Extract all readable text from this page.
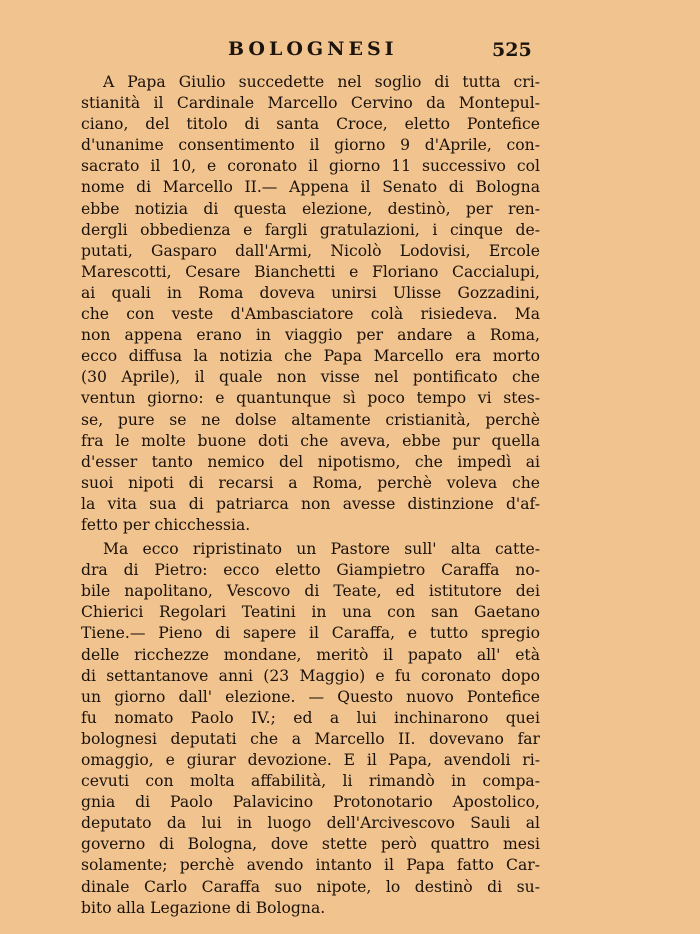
BOLOGNESI	525
A Papa Giulio succedette nel soglio di tutta cri-
stianità il Cardinale Marcello Cervino da Montepul-
ciano, del titolo di santa Croce, eletto Pontefice
d'unanime consentimento il giorno 9 d'Aprile, con-
sacrato il 10, e coronato il giorno 11 successivo col
nome di Marcello II.— Appena il Senato di Bologna
ebbe notizia di questa elezione, destinò, per ren-
dergli obbedienza e fargli gratulazioni, i cinque de-
putati, Gasparo dall'Armi, Nicolò Lodovisi, Ercole
Marescotti, Cesare Bianchetti e Floriano Caccialupi,
ai quali in Roma doveva unirsi Ulisse Gozzadini,
che con veste d'Ambasciatore colà risiedeva. Ma
non appena erano in viaggio per andare a Roma,
ecco diffusa la notizia che Papa Marcello era morto
(30 Aprile), il quale non visse nel pontificato che
ventun giorno: e quantunque sì poco tempo vi stes-
se, pure se ne dolse altamente cristianità, perchè
fra le molte buone doti che aveva, ebbe pur quella
d'esser tanto nemico del nipotismo, che impedì ai
suoi nipoti di recarsi a Roma, perchè voleva che
la vita sua di patriarca non avesse distinzione d'af-
fetto per chicchessia.
Ma ecco ripristinato un Pastore sull' alta catte-
dra di Pietro: ecco eletto Giampietro Caraffa no-
bile napolitano, Vescovo di Teate, ed istitutore dei
Chierici Regolari Teatini in una con san Gaetano
Tiene.— Pieno di sapere il Caraffa, e tutto spregio
delle ricchezze mondane, meritò il papato all' età
di settantanove anni (23 Maggio) e fu coronato dopo
un giorno dall' elezione. — Questo nuovo Pontefice
fu nomato Paolo IV.; ed a lui inchinarono quei
bolognesi deputati che a Marcello II. dovevano far
omaggio, e giurar devozione. E il Papa, avendoli ri-
cevuti con molta affabilità, li rimandò in compa-
gnia di Paolo Palavicino Protonotario Apostolico,
deputato da lui in luogo dell'Arcivescovo Sauli al
governo di Bologna, dove stette però quattro mesi
solamente; perchè avendo intanto il Papa fatto Car-
dinale Carlo Caraffa suo nipote, lo destinò di su-
bito alla Legazione di Bologna.
